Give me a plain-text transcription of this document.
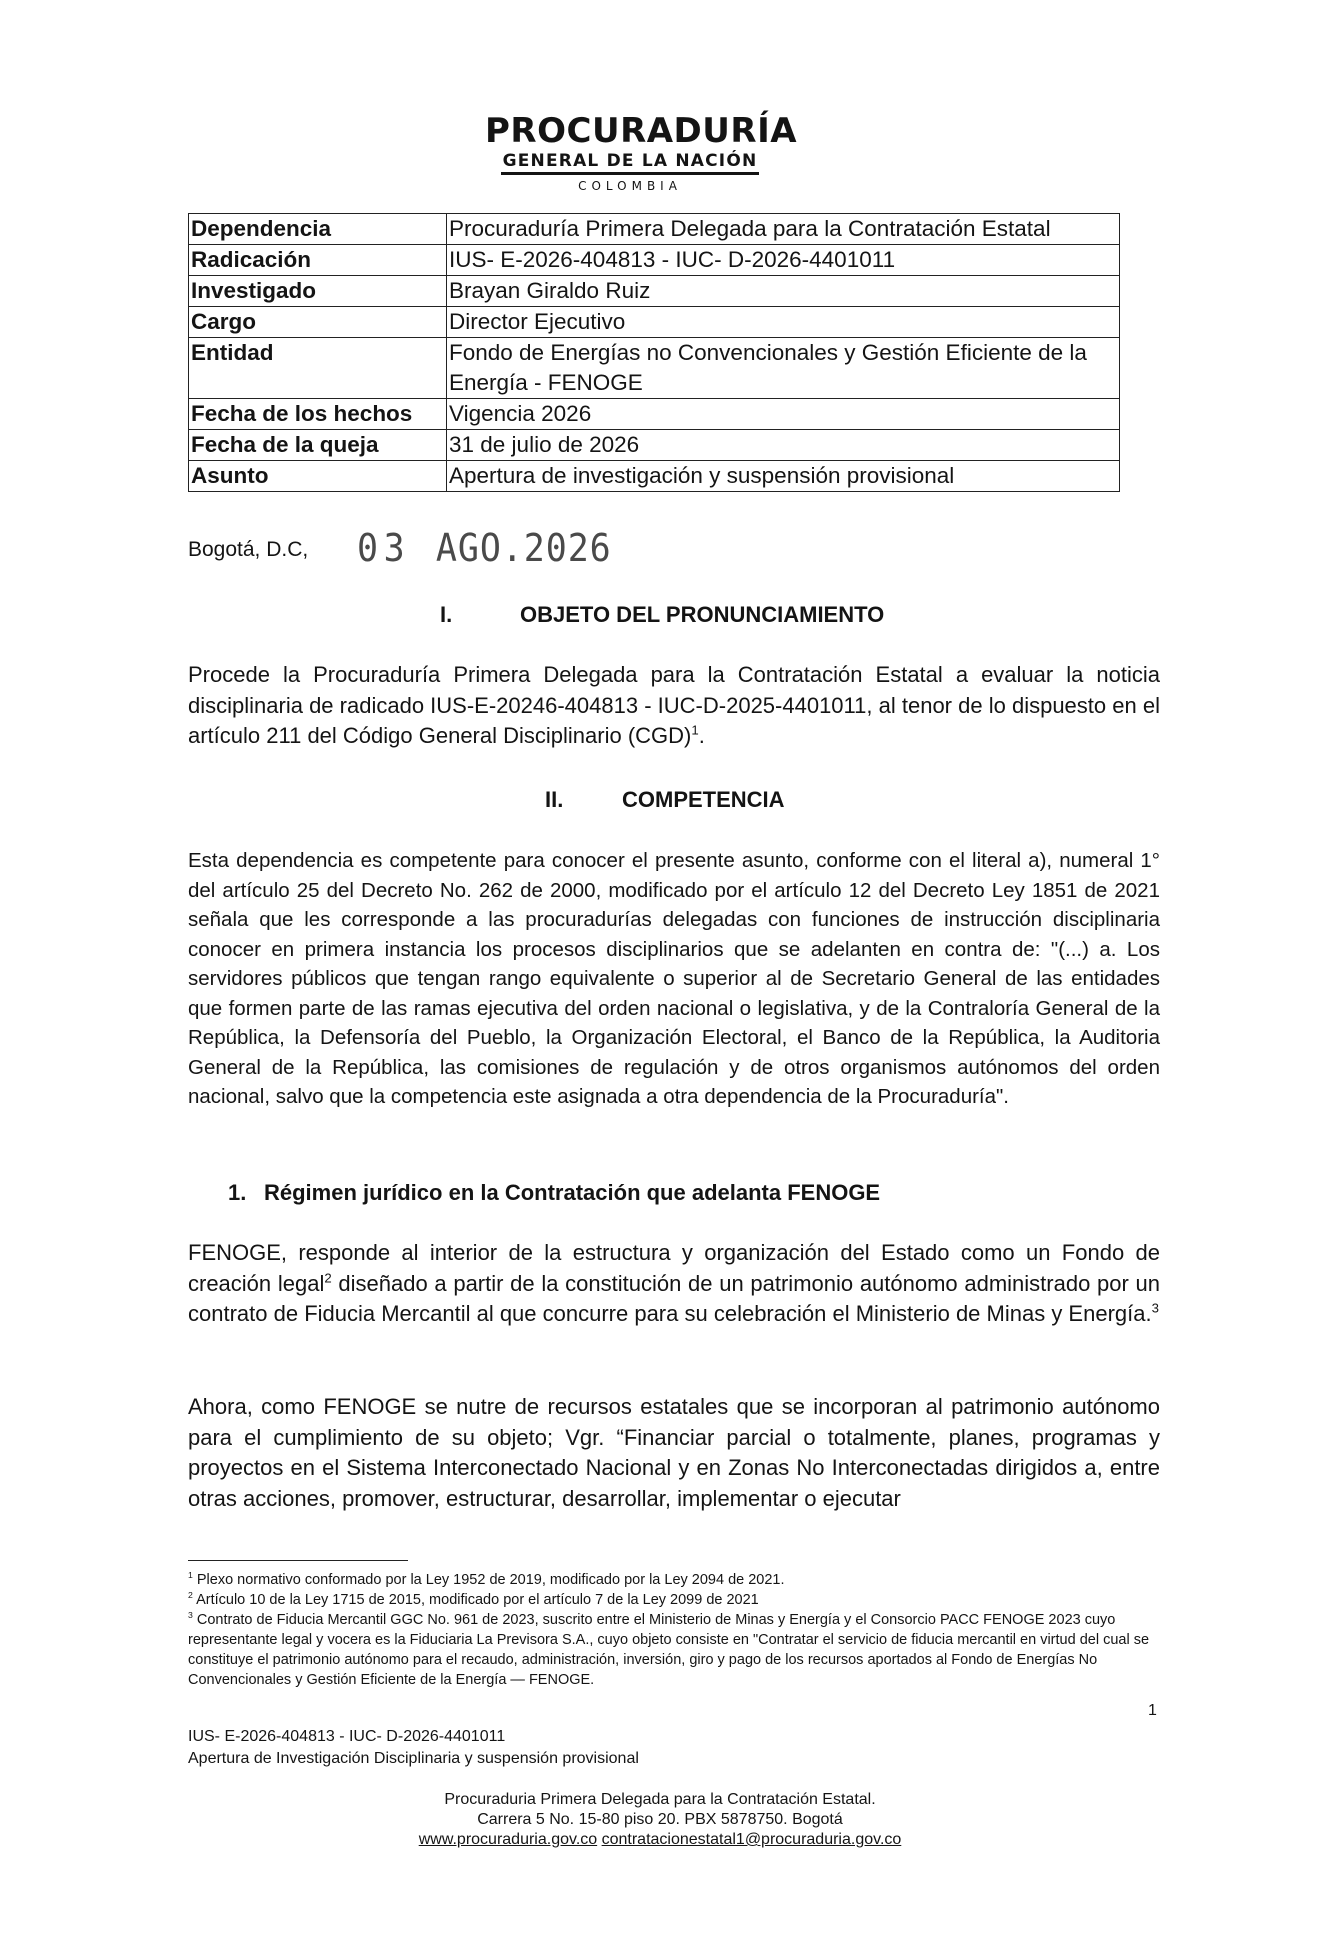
PROCURADURÍA
GENERAL DE LA NACIÓN
COLOMBIA
Dependencia	Procuraduría Primera Delegada para la Contratación Estatal
Radicación	IUS- E-2026-404813 - IUC- D-2026-4401011
Investigado	Brayan Giraldo Ruiz
Cargo	Director Ejecutivo
Entidad	Fondo de Energías no Convencionales y Gestión Eficiente de la Energía - FENOGE
Fecha de los hechos	Vigencia 2026
Fecha de la queja	31 de julio de 2026
Asunto	Apertura de investigación y suspensión provisional
Bogotá, D.C, 03 AGO.2026
I.	OBJETO DEL PRONUNCIAMIENTO
Procede la Procuraduría Primera Delegada para la Contratación Estatal a evaluar la noticia disciplinaria de radicado IUS-E-20246-404813 - IUC-D-2025-4401011, al tenor de lo dispuesto en el artículo 211 del Código General Disciplinario (CGD)$^1$.
II.	COMPETENCIA
Esta dependencia es competente para conocer el presente asunto, conforme con el literal a), numeral 1° del artículo 25 del Decreto No. 262 de 2000, modificado por el artículo 12 del Decreto Ley 1851 de 2021 señala que les corresponde a las procuradurías delegadas con funciones de instrucción disciplinaria conocer en primera instancia los procesos disciplinarios que se adelanten en contra de: "(...) a. Los servidores públicos que tengan rango equivalente o superior al de Secretario General de las entidades que formen parte de las ramas ejecutiva del orden nacional o legislativa, y de la Contraloría General de la República, la Defensoría del Pueblo, la Organización Electoral, el Banco de la República, la Auditoria General de la República, las comisiones de regulación y de otros organismos autónomos del orden nacional, salvo que la competencia este asignada a otra dependencia de la Procuraduría".
1. Régimen jurídico en la Contratación que adelanta FENOGE
FENOGE, responde al interior de la estructura y organización del Estado como un Fondo de creación legal$^2$ diseñado a partir de la constitución de un patrimonio autónomo administrado por un contrato de Fiducia Mercantil al que concurre para su celebración el Ministerio de Minas y Energía.$^3$
Ahora, como FENOGE se nutre de recursos estatales que se incorporan al patrimonio autónomo para el cumplimiento de su objeto; Vgr. “Financiar parcial o totalmente, planes, programas y proyectos en el Sistema Interconectado Nacional y en Zonas No Interconectadas dirigidos a, entre otras acciones, promover, estructurar, desarrollar, implementar o ejecutar
$^1$ Plexo normativo conformado por la Ley 1952 de 2019, modificado por la Ley 2094 de 2021.
$^2$ Artículo 10 de la Ley 1715 de 2015, modificado por el artículo 7 de la Ley 2099 de 2021
$^3$ Contrato de Fiducia Mercantil GGC No. 961 de 2023, suscrito entre el Ministerio de Minas y Energía y el Consorcio PACC FENOGE 2023 cuyo representante legal y vocera es la Fiduciaria La Previsora S.A., cuyo objeto consiste en "Contratar el servicio de fiducia mercantil en virtud del cual se constituye el patrimonio autónomo para el recaudo, administración, inversión, giro y pago de los recursos aportados al Fondo de Energías No Convencionales y Gestión Eficiente de la Energía — FENOGE.
1
IUS- E-2026-404813 - IUC- D-2026-4401011
Apertura de Investigación Disciplinaria y suspensión provisional
Procuraduria Primera Delegada para la Contratación Estatal.
Carrera 5 No. 15-80 piso 20. PBX 5878750. Bogotá
www.procuraduria.gov.co contratacionestatal1@procuraduria.gov.co
